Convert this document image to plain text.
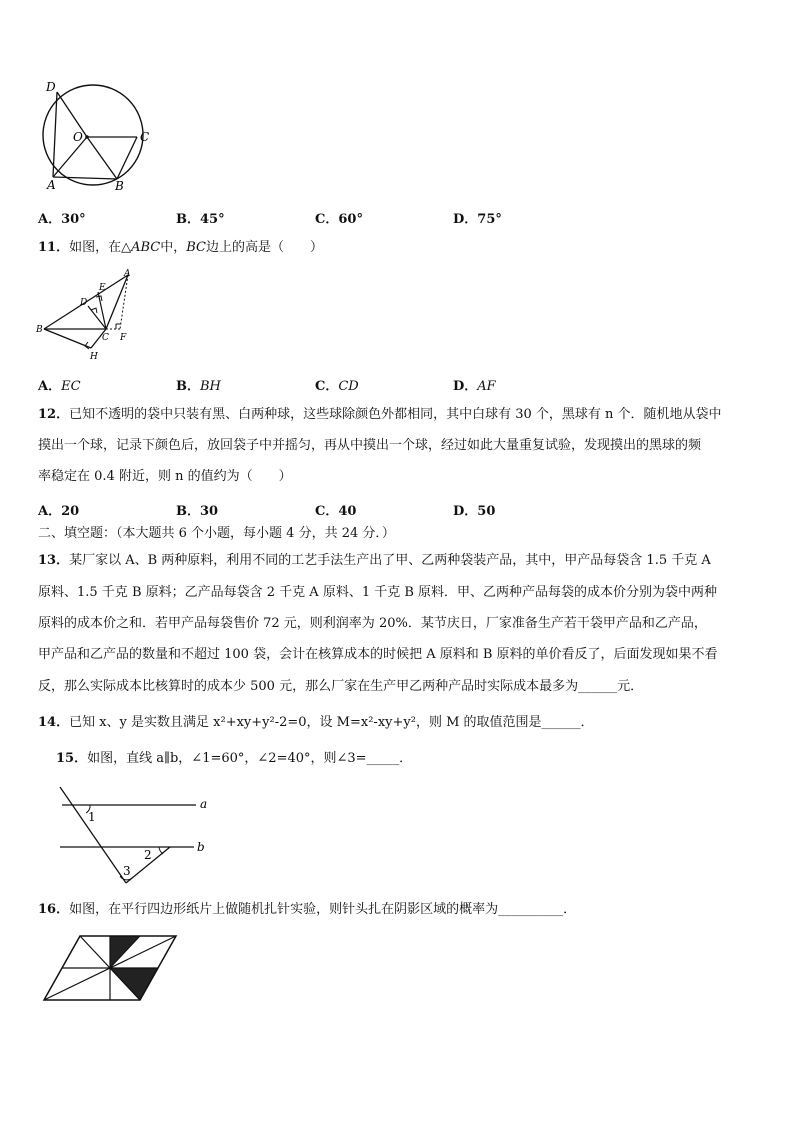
D
O	C
A	B
A．30°	B．45°	C．60°	D．75°
11．如图，在△ABC中，BC边上的高是（　　）
A
B
C
D
E
F
H
A．EC	B．BH	C．CD	D．AF
12．已知不透明的袋中只装有黑、白两种球，这些球除颜色外都相同，其中白球有 30 个，黑球有 n 个．随机地从袋中
摸出一个球，记录下颜色后，放回袋子中并摇匀，再从中摸出一个球，经过如此大量重复试验，发现摸出的黑球的频
率稳定在 0.4 附近，则 n 的值约为（　　）
A．20	B．30	C．40	D．50
二、填空题：（本大题共 6 个小题，每小题 4 分，共 24 分．）
13．某厂家以 A、B 两种原料，利用不同的工艺手法生产出了甲、乙两种袋装产品，其中，甲产品每袋含 1.5 千克 A
原料、1.5 千克 B 原料；乙产品每袋含 2 千克 A 原料、1 千克 B 原料．甲、乙两种产品每袋的成本价分别为袋中两种
原料的成本价之和．若甲产品每袋售价 72 元，则利润率为 20%．某节庆日，厂家准备生产若干袋甲产品和乙产品，
甲产品和乙产品的数量和不超过 100 袋，会计在核算成本的时候把 A 原料和 B 原料的单价看反了，后面发现如果不看
反，那么实际成本比核算时的成本少 500 元，那么厂家在生产甲乙两种产品时实际成本最多为______元．
14．已知 x、y 是实数且满足 x²+xy+y²-2=0，设 M=x²-xy+y²，则 M 的取值范围是______．
15．如图，直线 a∥b，∠1=60°，∠2=40°，则∠3=_____．
a
b
1
2
3
16．如图，在平行四边形纸片上做随机扎针实验，则针头扎在阴影区域的概率为__________．
